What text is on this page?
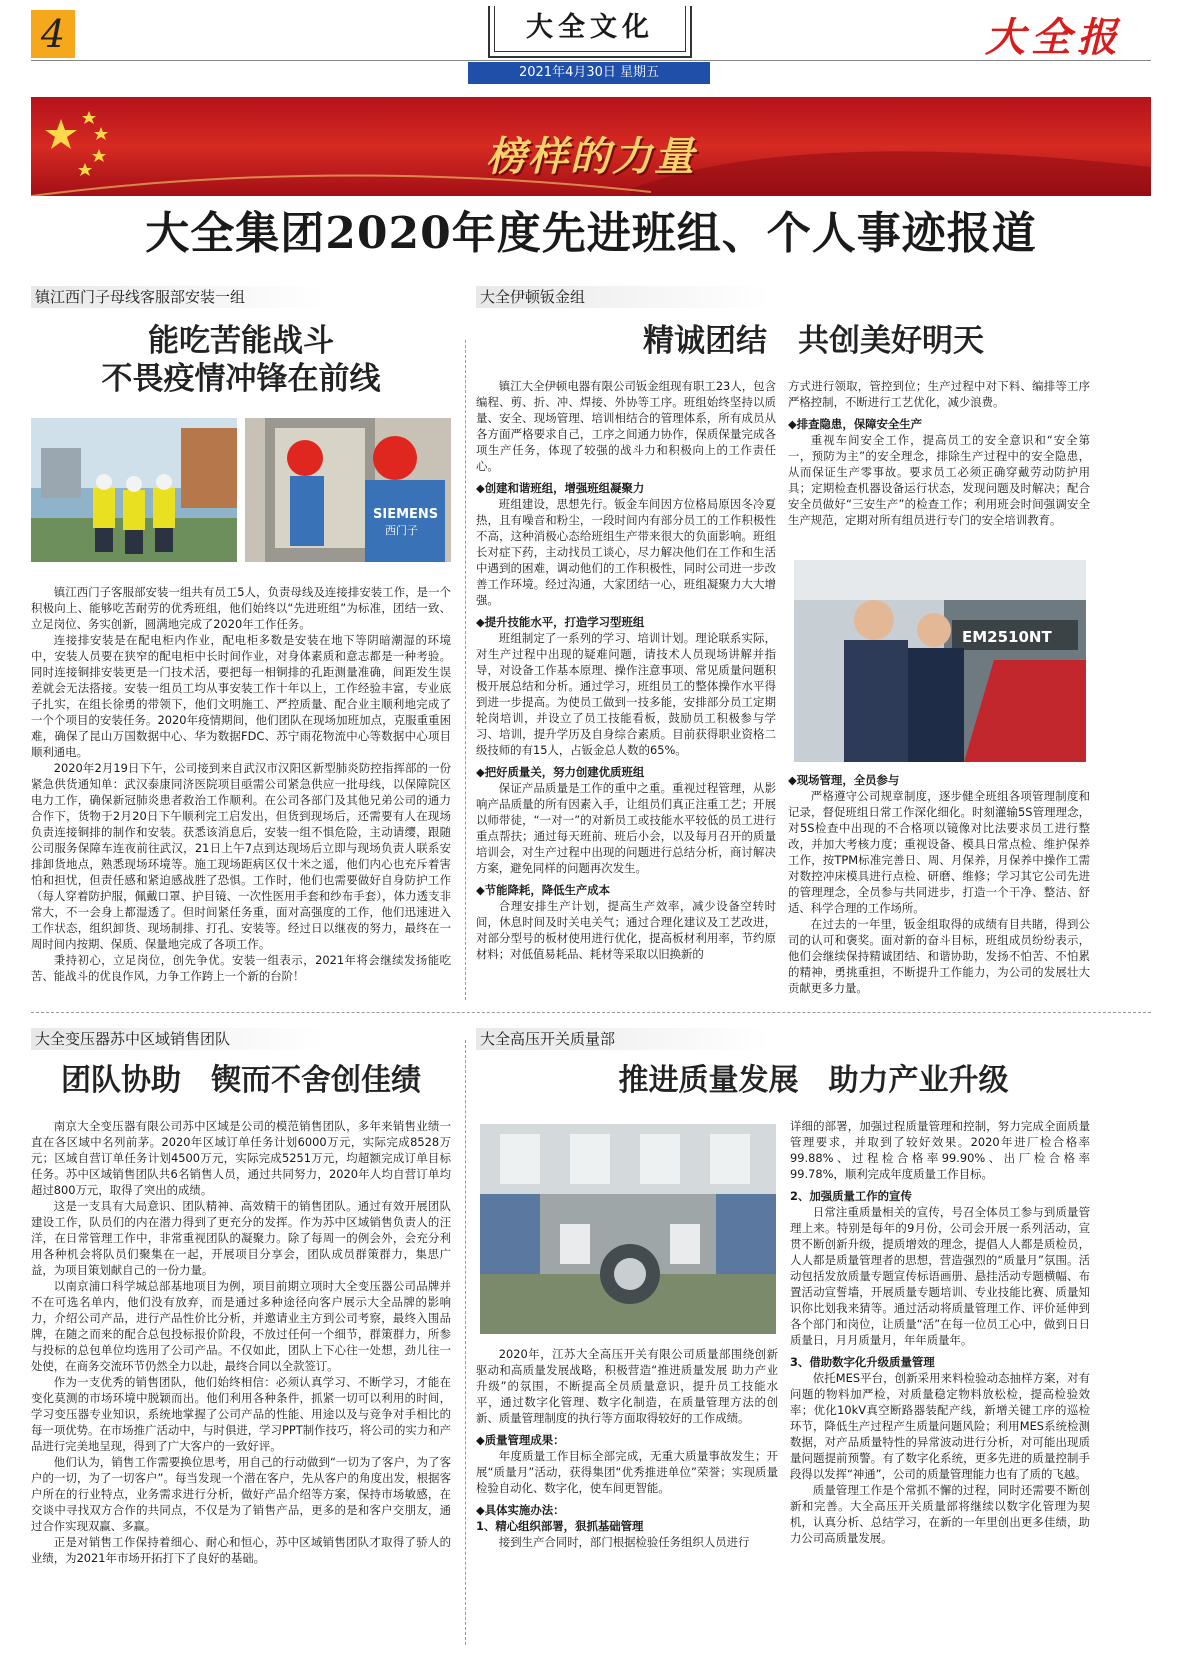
4	大全文化
2021年4月30日 星期五
大全报
榜样的力量
大全集团2020年度先进班组、个人事迹报道
镇江西门子母线客服部安装一组
能吃苦能战斗
不畏疫情冲锋在前线
SIEMENS
西门子

镇江西门子客服部安装一组共有员工5人，负责母线及连接排安装工作，是一个积极向上、能够吃苦耐劳的优秀班组，他们始终以“先进班组”为标准，团结一致、立足岗位、务实创新，圆满地完成了2020年工作任务。

连接排安装是在配电柜内作业，配电柜多数是安装在地下等阴暗潮湿的环境中，安装人员要在狭窄的配电柜中长时间作业，对身体素质和意志都是一种考验。同时连接铜排安装更是一门技术活，要把每一相铜排的孔距测量准确，间距发生误差就会无法搭接。安装一组员工均从事安装工作十年以上，工作经验丰富，专业底子扎实，在组长徐勇的带领下，他们文明施工、严控质量、配合业主顺利地完成了一个个项目的安装任务。2020年疫情期间，他们团队在现场加班加点，克服重重困难，确保了昆山万国数据中心、华为数据FDC、苏宁雨花物流中心等数据中心项目顺利通电。

2020年2月19日下午，公司接到来自武汉市汉阳区新型肺炎防控指挥部的一份紧急供货通知单：武汉泰康同济医院项目亟需公司紧急供应一批母线，以保障院区电力工作，确保新冠肺炎患者救治工作顺利。在公司各部门及其他兄弟公司的通力合作下，货物于2月20日下午顺利完工启发出，但货到现场后，还需要有人在现场负责连接铜排的制作和安装。获悉该消息后，安装一组不惧危险，主动请缨，跟随公司服务保障车连夜前往武汉，21日上午7点到达现场后立即与现场负责人联系安排卸货地点，熟悉现场环境等。施工现场距病区仅十米之遥，他们内心也充斥着害怕和担忧，但责任感和紧迫感战胜了恐惧。工作时，他们也需要做好自身防护工作（每人穿着防护服，佩戴口罩、护目镜、一次性医用手套和纱布手套），体力透支非常大，不一会身上都湿透了。但时间紧任务重，面对高强度的工作，他们迅速进入工作状态，组织卸货、现场制排、打孔、安装等。经过日以继夜的努力，最终在一周时间内按期、保质、保量地完成了各项工作。

秉持初心，立足岗位，创先争优。安装一组表示，2021年将会继续发扬能吃苦、能战斗的优良作风，力争工作跨上一个新的台阶！

大全伊顿钣金组
精诚团结　共创美好明天

镇江大全伊顿电器有限公司钣金组现有职工23人，包含编程、剪、折、冲、焊接、外协等工序。班组始终坚持以质量、安全、现场管理、培训相结合的管理体系，所有成员从各方面严格要求自己，工序之间通力协作，保质保量完成各项生产任务，体现了较强的战斗力和积极向上的工作责任心。

◆创建和谐班组，增强班组凝聚力

班组建设，思想先行。钣金车间因方位格局原因冬冷夏热，且有噪音和粉尘，一段时间内有部分员工的工作积极性不高，这种消极心态给班组生产带来很大的负面影响。班组长对症下药，主动找员工谈心，尽力解决他们在工作和生活中遇到的困难，调动他们的工作积极性，同时公司进一步改善工作环境。经过沟通，大家团结一心，班组凝聚力大大增强。

◆提升技能水平，打造学习型班组

班组制定了一系列的学习、培训计划。理论联系实际，对生产过程中出现的疑难问题，请技术人员现场讲解并指导，对设备工作基本原理、操作注意事项、常见质量问题积极开展总结和分析。通过学习，班组员工的整体操作水平得到进一步提高。为使员工做到一技多能，安排部分员工定期轮岗培训，并设立了员工技能看板，鼓励员工积极参与学习、培训，提升学历及自身综合素质。目前获得职业资格二级技师的有15人，占钣金总人数的65%。

◆把好质量关，努力创建优质班组

保证产品质量是工作的重中之重。重视过程管理，从影响产品质量的所有因素入手，让组员们真正注重工艺；开展以师带徒，“一对一”的对新员工或技能水平较低的员工进行重点帮扶；通过每天班前、班后小会，以及每月召开的质量培训会，对生产过程中出现的问题进行总结分析，商讨解决方案，避免同样的问题再次发生。

◆节能降耗，降低生产成本

合理安排生产计划，提高生产效率，减少设备空转时间，休息时间及时关电关气；通过合理化建议及工艺改进，对部分型号的板材使用进行优化，提高板材利用率，节约原材料；对低值易耗品、耗材等采取以旧换新的

方式进行领取，管控到位；生产过程中对下料、编排等工序严格控制，不断进行工艺优化，减少浪费。

◆排查隐患，保障安全生产

重视车间安全工作，提高员工的安全意识和“安全第一，预防为主”的安全理念，排除生产过程中的安全隐患，从而保证生产零事故。要求员工必须正确穿戴劳动防护用具；定期检查机器设备运行状态，发现问题及时解决；配合安全员做好“三安生产”的检查工作；利用班会时间强调安全生产规范，定期对所有组员进行专门的安全培训教育。

EM2510NT

◆现场管理，全员参与

严格遵守公司规章制度，逐步健全班组各项管理制度和记录，督促班组日常工作深化细化。时刻灌输5S管理理念，对5S检查中出现的不合格项以镜像对比法要求员工进行整改，并加大考核力度；重视设备、模具日常点检、维护保养工作，按TPM标准完善日、周、月保养，月保养中操作工需对数控冲床模具进行点检、研磨、维修；学习其它公司先进的管理理念，全员参与共同进步，打造一个干净、整洁、舒适、科学合理的工作场所。

在过去的一年里，钣金组取得的成绩有目共睹，得到公司的认可和褒奖。面对新的奋斗目标，班组成员纷纷表示，他们会继续保持精诚团结、和谐协助，发扬不怕苦、不怕累的精神，勇挑重担，不断提升工作能力，为公司的发展壮大贡献更多力量。

大全变压器苏中区域销售团队
团队协助　锲而不舍创佳绩

南京大全变压器有限公司苏中区域是公司的模范销售团队，多年来销售业绩一直在各区域中名列前茅。2020年区域订单任务计划6000万元，实际完成8528万元；区域自营订单任务计划4500万元，实际完成5251万元，均超额完成订单目标任务。苏中区域销售团队共6名销售人员，通过共同努力，2020年人均自营订单均超过800万元，取得了突出的成绩。

这是一支具有大局意识、团队精神、高效精干的销售团队。通过有效开展团队建设工作，队员们的内在潜力得到了更充分的发挥。作为苏中区域销售负责人的汪洋，在日常管理工作中，非常重视团队的凝聚力。除了每周一的例会外，会充分利用各种机会将队员们聚集在一起，开展项目分享会，团队成员群策群力，集思广益，为项目策划献自己的一份力量。

以南京浦口科学城总部基地项目为例，项目前期立项时大全变压器公司品牌并不在可选名单内，他们没有放弃，而是通过多种途径向客户展示大全品牌的影响力，介绍公司产品，进行产品性价比分析，并邀请业主方到公司考察，最终入围品牌，在随之而来的配合总包投标报价阶段，不放过任何一个细节，群策群力，所参与投标的总包单位均选用了公司产品。不仅如此，团队上下心往一处想，劲儿往一处使，在商务交流环节仍然全力以赴，最终合同以全款签订。

作为一支优秀的销售团队，他们始终相信：必须认真学习、不断学习，才能在变化莫测的市场环境中脱颖而出。他们利用各种条件，抓紧一切可以利用的时间，学习变压器专业知识，系统地掌握了公司产品的性能、用途以及与竞争对手相比的每一项优势。在市场推广活动中，与时俱进，学习PPT制作技巧，将公司的实力和产品进行完美地呈现，得到了广大客户的一致好评。

他们认为，销售工作需要换位思考，用自己的行动做到“一切为了客户，为了客户的一切，为了一切客户”。每当发现一个潜在客户，先从客户的角度出发，根据客户所在的行业特点，业务需求进行分析，做好产品介绍等方案，保持市场敏感，在交谈中寻找双方合作的共同点，不仅是为了销售产品，更多的是和客户交朋友，通过合作实现双赢、多赢。

正是对销售工作保持着细心、耐心和恒心，苏中区域销售团队才取得了骄人的业绩，为2021年市场开拓打下了良好的基础。

大全高压开关质量部
推进质量发展　助力产业升级

2020年，江苏大全高压开关有限公司质量部围绕创新驱动和高质量发展战略，积极营造“推进质量发展 助力产业升级”的氛围，不断提高全员质量意识，提升员工技能水平，通过数字化管理、数字化制造，在质量管理方法的创新、质量管理制度的执行等方面取得较好的工作成绩。

◆质量管理成果：

年度质量工作目标全部完成，无重大质量事故发生；开展“质量月”活动，获得集团“优秀推进单位”荣誉；实现质量检验自动化、数字化，使车间更智能。

◆具体实施办法：

1、精心组织部署，狠抓基础管理

接到生产合同时，部门根据检验任务组织人员进行

详细的部署，加强过程质量管理和控制，努力完成全面质量管理要求，并取到了较好效果。2020年进厂检合格率99.88%、过程检合格率99.90%、出厂检合格率99.78%，顺利完成年度质量工作目标。

2、加强质量工作的宣传

日常注重质量相关的宣传，号召全体员工参与到质量管理上来。特别是每年的9月份，公司会开展一系列活动，宣贯不断创新升级，提质增效的理念，提倡人人都是质检员，人人都是质量管理者的思想，营造强烈的“质量月”氛围。活动包括发放质量专题宣传标语画册、悬挂活动专题横幅、布置活动宣誓墙，开展质量专题培训、专业技能比赛、质量知识你比划我来猜等。通过活动将质量管理工作、评价延伸到各个部门和岗位，让质量“活”在每一位员工心中，做到日日质量日，月月质量月，年年质量年。

3、借助数字化升级质量管理

依托MES平台，创新采用来料检验动态抽样方案，对有问题的物料加严检，对质量稳定物料放松检，提高检验效率；优化10kV真空断路器装配产线，新增关键工序的巡检环节，降低生产过程产生质量问题风险；利用MES系统检测数据，对产品质量特性的异常波动进行分析，对可能出现质量问题提前预警。有了数字化系统，更多先进的质量控制手段得以发挥“神通”，公司的质量管理能力也有了质的飞越。

质量管理工作是个常抓不懈的过程，同时还需要不断创新和完善。大全高压开关质量部将继续以数字化管理为契机，认真分析、总结学习，在新的一年里创出更多佳绩，助力公司高质量发展。
